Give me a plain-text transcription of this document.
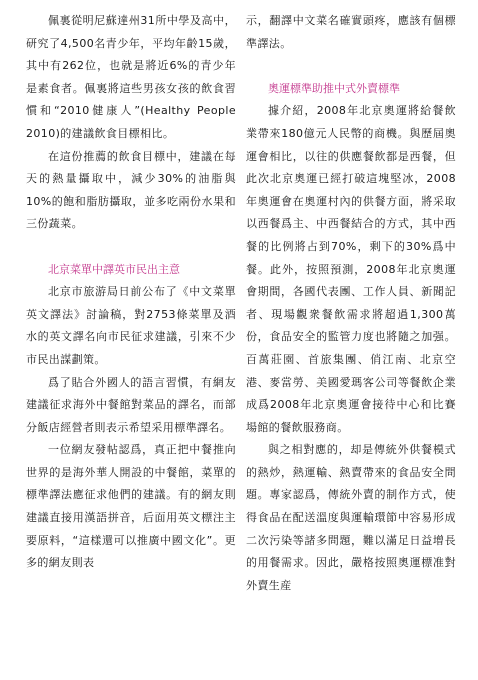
佩裏從明尼蘇達州31所中學及高中，研究了4,500名青少年，平均年齡15歲，其中有262位，也就是將近6%的青少年是素食者。佩裏將這些男孩女孩的飲食習慣和“2010健康人”(Healthy People 2010)的建議飲食目標相比。

在這份推薦的飲食目標中，建議在每天的熱量攝取中，減少30%的油脂與10%的飽和脂肪攝取，並多吃兩份水果和三份蔬菜。

北京菜單中譯英市民出主意

北京市旅游局日前公布了《中文菜單英文譯法》討論稿，對2753條菜單及酒水的英文譯名向市民征求建議，引來不少市民出謀劃策。

爲了貼合外國人的語言習慣，有網友建議征求海外中餐館對菜品的譯名，而部分飯店經營者則表示希望采用標準譯名。

一位網友發帖認爲，真正把中餐推向世界的是海外華人開設的中餐館，菜單的標準譯法應征求他們的建議。有的網友則建議直接用漢語拼音，后面用英文標注主要原料，“這樣還可以推廣中國文化”。更多的網友則表

示，翻譯中文菜名確實頭疼，應該有個標準譯法。

奧運標準助推中式外賣標準

據介紹，2008年北京奧運將給餐飲業帶來180億元人民幣的商機。與歷屆奧運會相比，以往的供應餐飲都是西餐，但此次北京奧運已經打破這塊堅冰，2008年奧運會在奧運村內的供餐方面，將采取以西餐爲主、中西餐結合的方式，其中西餐的比例將占到70%，剩下的30%爲中餐。此外，按照預測，2008年北京奧運會期間，各國代表團、工作人員、新聞記者、現場觀衆餐飲需求將超過1,300萬份，食品安全的監管力度也將隨之加强。百萬莊園、首旅集團、俏江南、北京空港、麥當勞、美國愛瑪客公司等餐飲企業成爲2008年北京奧運會接待中心和比賽場館的餐飲服務商。

與之相對應的，却是傳統外供餐模式的熱炒，熱運輸、熱賣帶來的食品安全問題。專家認爲，傳統外賣的制作方式，使得食品在配送溫度與運輸環節中容易形成二次污染等諸多問題，難以滿足日益增長的用餐需求。因此，嚴格按照奧運標准對外賣生産
